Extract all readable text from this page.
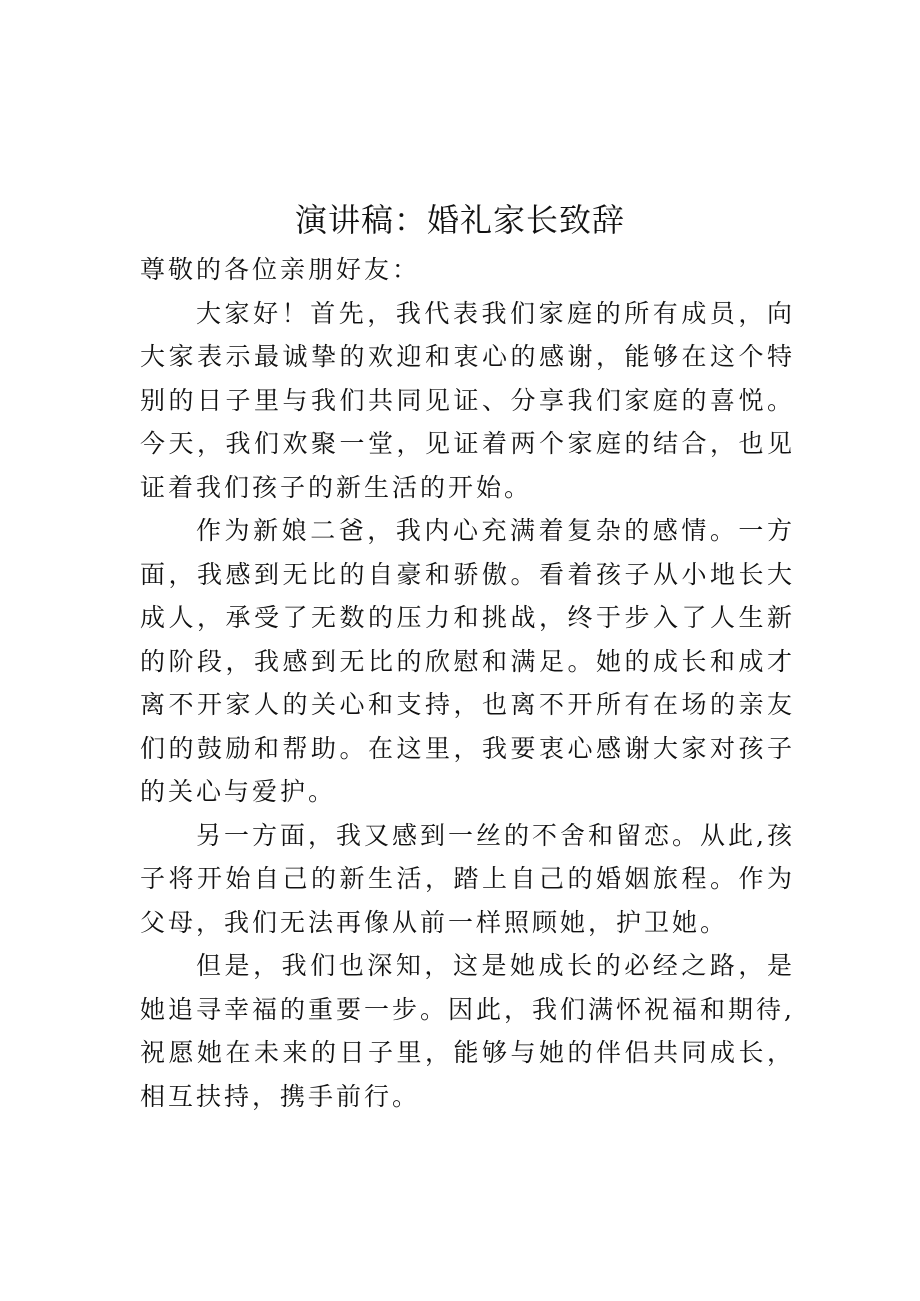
演讲稿：婚礼家长致辞

尊敬的各位亲朋好友：

大家好！首先，我代表我们家庭的所有成员，向大家表示最诚挚的欢迎和衷心的感谢，能够在这个特别的日子里与我们共同见证、分享我们家庭的喜悦。今天，我们欢聚一堂，见证着两个家庭的结合，也见证着我们孩子的新生活的开始。

作为新娘二爸，我内心充满着复杂的感情。一方面，我感到无比的自豪和骄傲。看着孩子从小地长大成人，承受了无数的压力和挑战，终于步入了人生新的阶段，我感到无比的欣慰和满足。她的成长和成才离不开家人的关心和支持，也离不开所有在场的亲友们的鼓励和帮助。在这里，我要衷心感谢大家对孩子的关心与爱护。

另一方面，我又感到一丝的不舍和留恋。从此,孩子将开始自己的新生活，踏上自己的婚姻旅程。作为父母，我们无法再像从前一样照顾她，护卫她。

但是，我们也深知，这是她成长的必经之路，是她追寻幸福的重要一步。因此，我们满怀祝福和期待,祝愿她在未来的日子里，能够与她的伴侣共同成长，相互扶持，携手前行。
